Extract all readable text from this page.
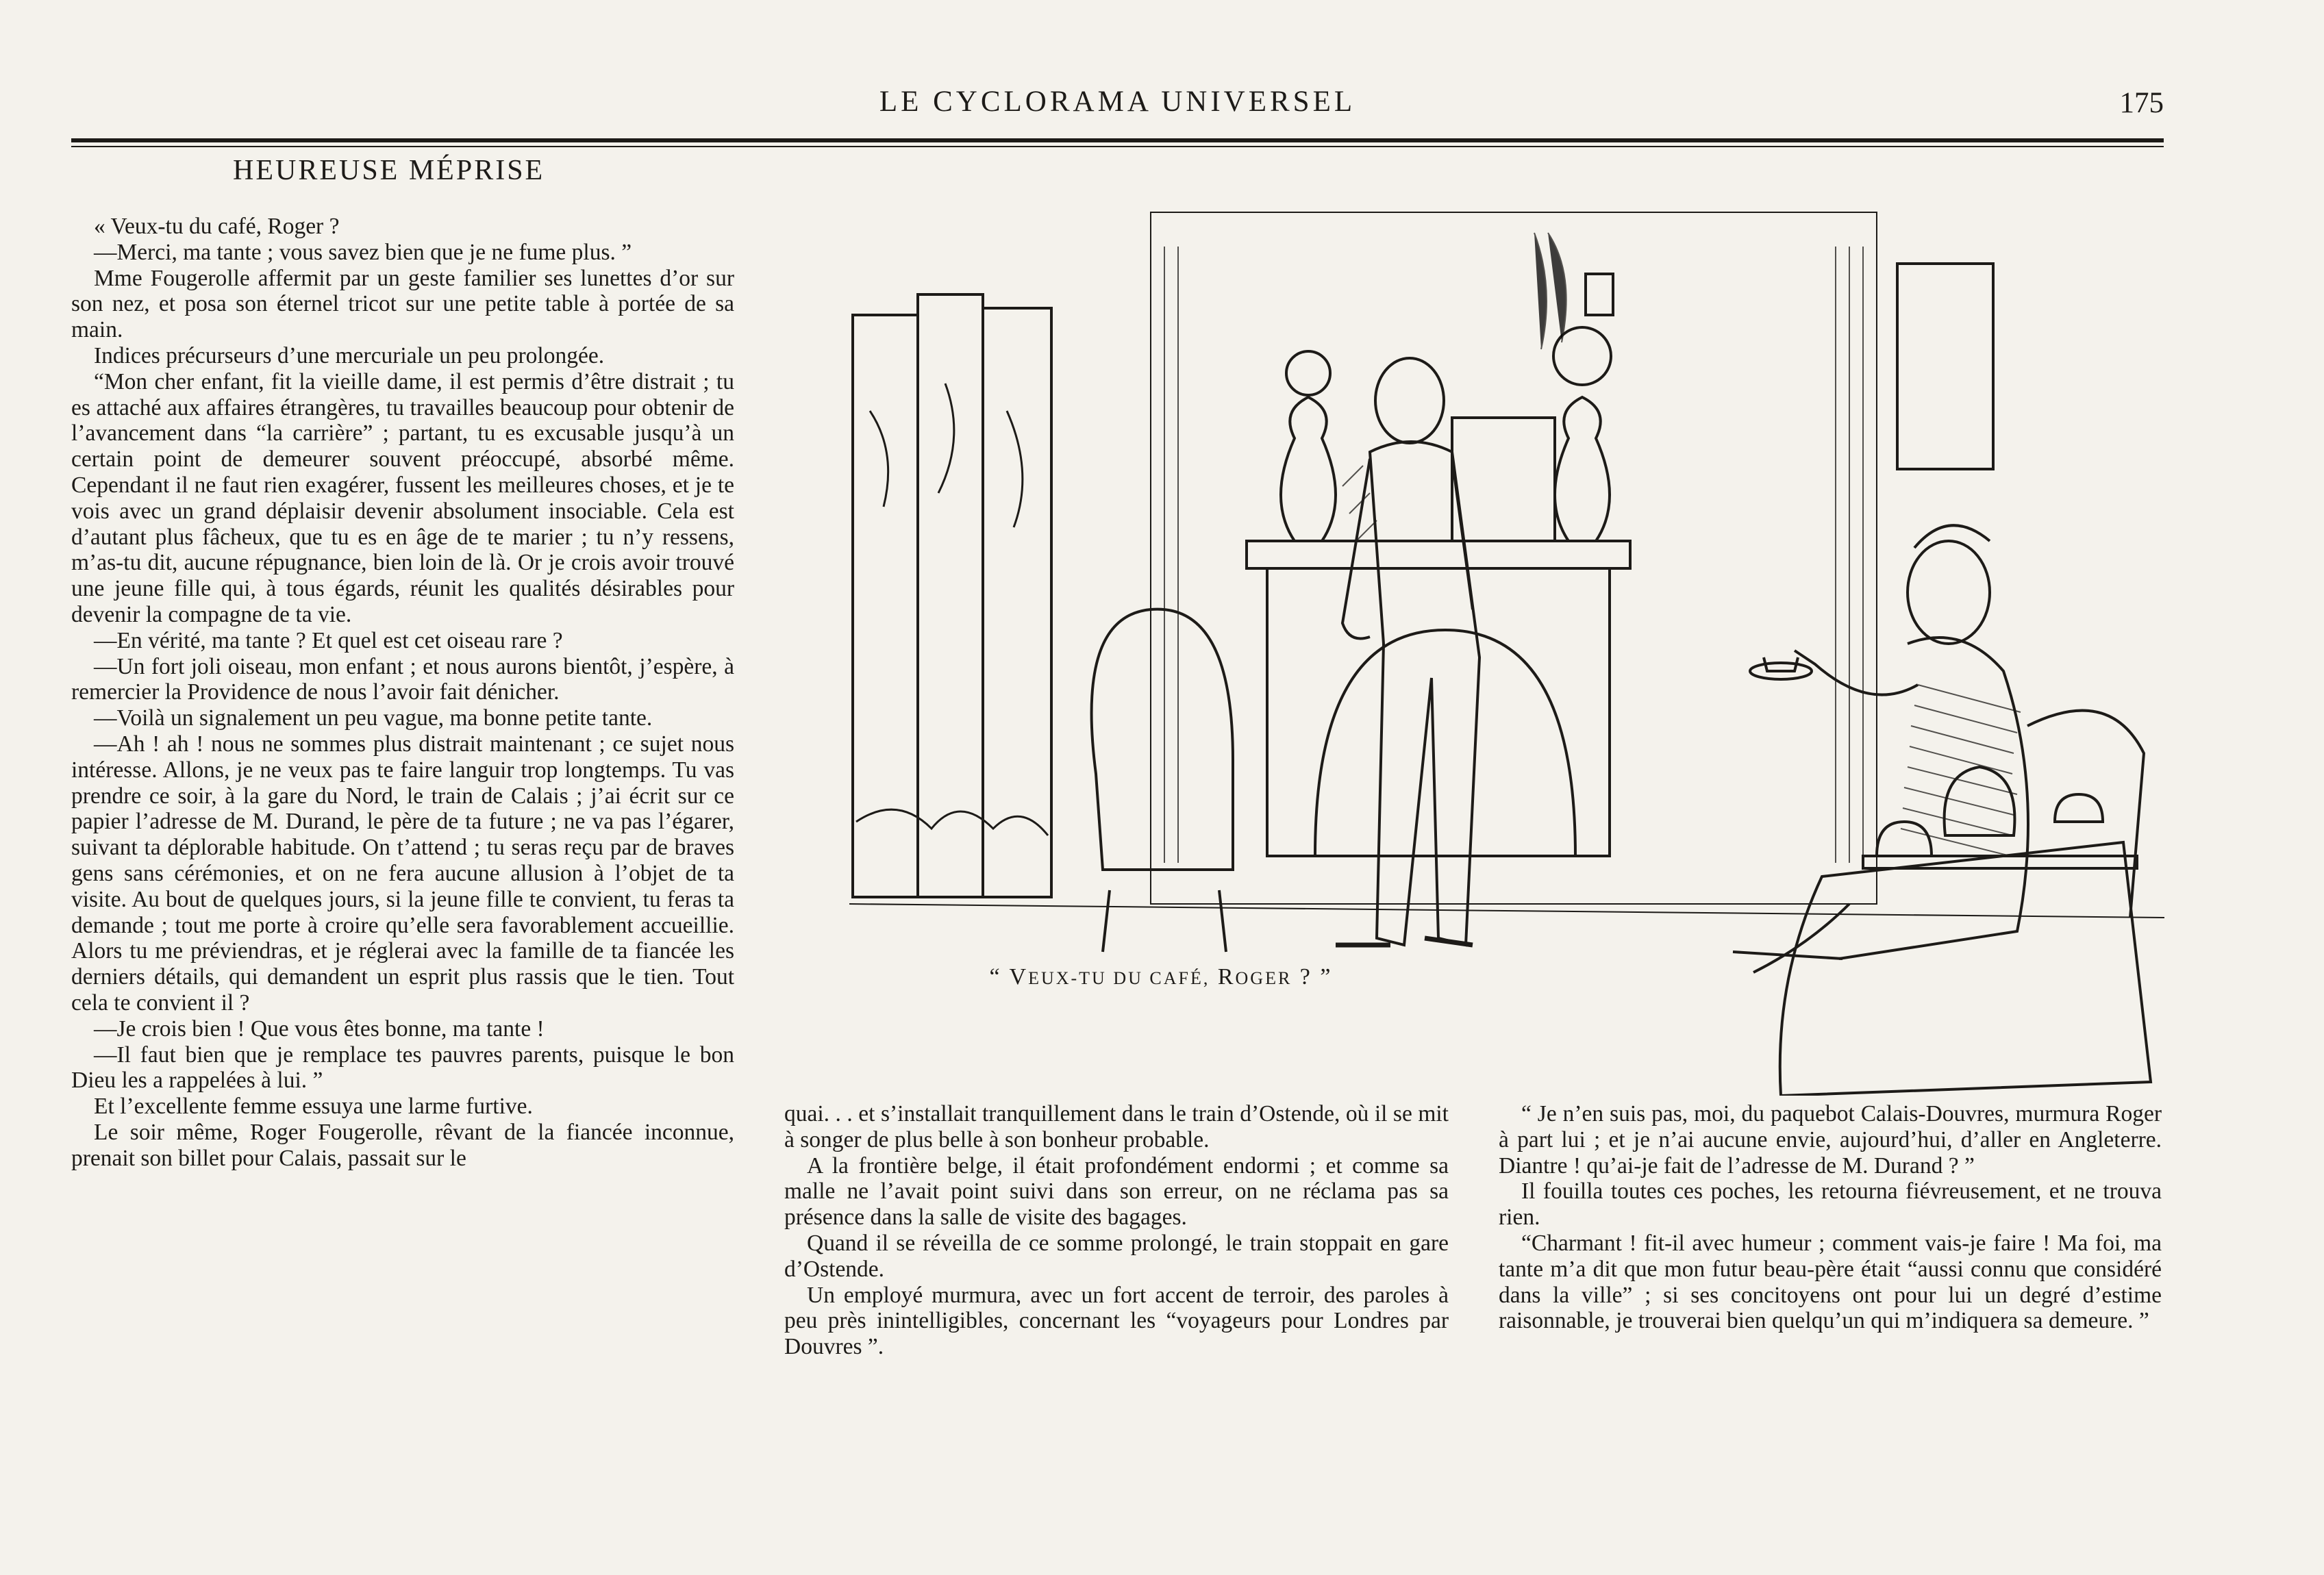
LE CYCLORAMA UNIVERSEL	175
HEUREUSE MÉPRISE

« Veux-tu du café, Roger ?

—Merci, ma tante ; vous savez bien que je ne fume plus. ”

Mme Fougerolle affermit par un geste familier ses lunettes d’or sur son nez, et posa son éternel tricot sur une petite table à portée de sa main.

Indices précurseurs d’une mercuriale un peu prolongée.

“Mon cher enfant, fit la vieille dame, il est permis d’être distrait ; tu es attaché aux affaires étrangères, tu travailles beaucoup pour obtenir de l’avancement dans “la carrière” ; partant, tu es excusable jusqu’à un certain point de demeurer souvent préoccupé, absorbé même. Cependant il ne faut rien exagérer, fussent les meilleures choses, et je te vois avec un grand déplaisir devenir absolument insociable. Cela est d’autant plus fâcheux, que tu es en âge de te marier ; tu n’y ressens, m’as-tu dit, aucune répugnance, bien loin de là. Or je crois avoir trouvé une jeune fille qui, à tous égards, réunit les qualités désirables pour devenir la compagne de ta vie.

—En vérité, ma tante ? Et quel est cet oiseau rare ?

—Un fort joli oiseau, mon enfant ; et nous aurons bientôt, j’espère, à remercier la Providence de nous l’avoir fait dénicher.

—Voilà un signalement un peu vague, ma bonne petite tante.

—Ah ! ah ! nous ne sommes plus distrait maintenant ; ce sujet nous intéresse. Allons, je ne veux pas te faire languir trop longtemps. Tu vas prendre ce soir, à la gare du Nord, le train de Calais ; j’ai écrit sur ce papier l’adresse de M. Durand, le père de ta future ; ne va pas l’égarer, suivant ta déplorable habitude. On t’attend ; tu seras reçu par de braves gens sans cérémonies, et on ne fera aucune allusion à l’objet de ta visite. Au bout de quelques jours, si la jeune fille te convient, tu feras ta demande ; tout me porte à croire qu’elle sera favorablement accueillie. Alors tu me préviendras, et je réglerai avec la famille de ta fiancée les derniers détails, qui demandent un esprit plus rassis que le tien. Tout cela te convient il ?

—Je crois bien ! Que vous êtes bonne, ma tante !

—Il faut bien que je remplace tes pauvres parents, puisque le bon Dieu les a rappelées à lui. ”

Et l’excellente femme essuya une larme furtive.

Le soir même, Roger Fougerolle, rêvant de la fiancée inconnue, prenait son billet pour Calais, passait sur le

“ VEUX-TU DU CAFÉ, ROGER ? ”

quai. . . et s’installait tranquillement dans le train d’Ostende, où il se mit à songer de plus belle à son bonheur probable.

A la frontière belge, il était profondément endormi ; et comme sa malle ne l’avait point suivi dans son erreur, on ne réclama pas sa présence dans la salle de visite des bagages.

Quand il se réveilla de ce somme prolongé, le train stoppait en gare d’Ostende.

Un employé murmura, avec un fort accent de terroir, des paroles à peu près inintelligibles, concernant les “voyageurs pour Londres par Douvres ”.

“ Je n’en suis pas, moi, du paquebot Calais-Douvres, murmura Roger à part lui ; et je n’ai aucune envie, aujourd’hui, d’aller en Angleterre. Diantre ! qu’ai-je fait de l’adresse de M. Durand ? ”

Il fouilla toutes ces poches, les retourna fiévreusement, et ne trouva rien.

“Charmant ! fit-il avec humeur ; comment vais-je faire ! Ma foi, ma tante m’a dit que mon futur beau-père était “aussi connu que considéré dans la ville” ; si ses concitoyens ont pour lui un degré d’estime raisonnable, je trouverai bien quelqu’un qui m’indiquera sa demeure. ”
